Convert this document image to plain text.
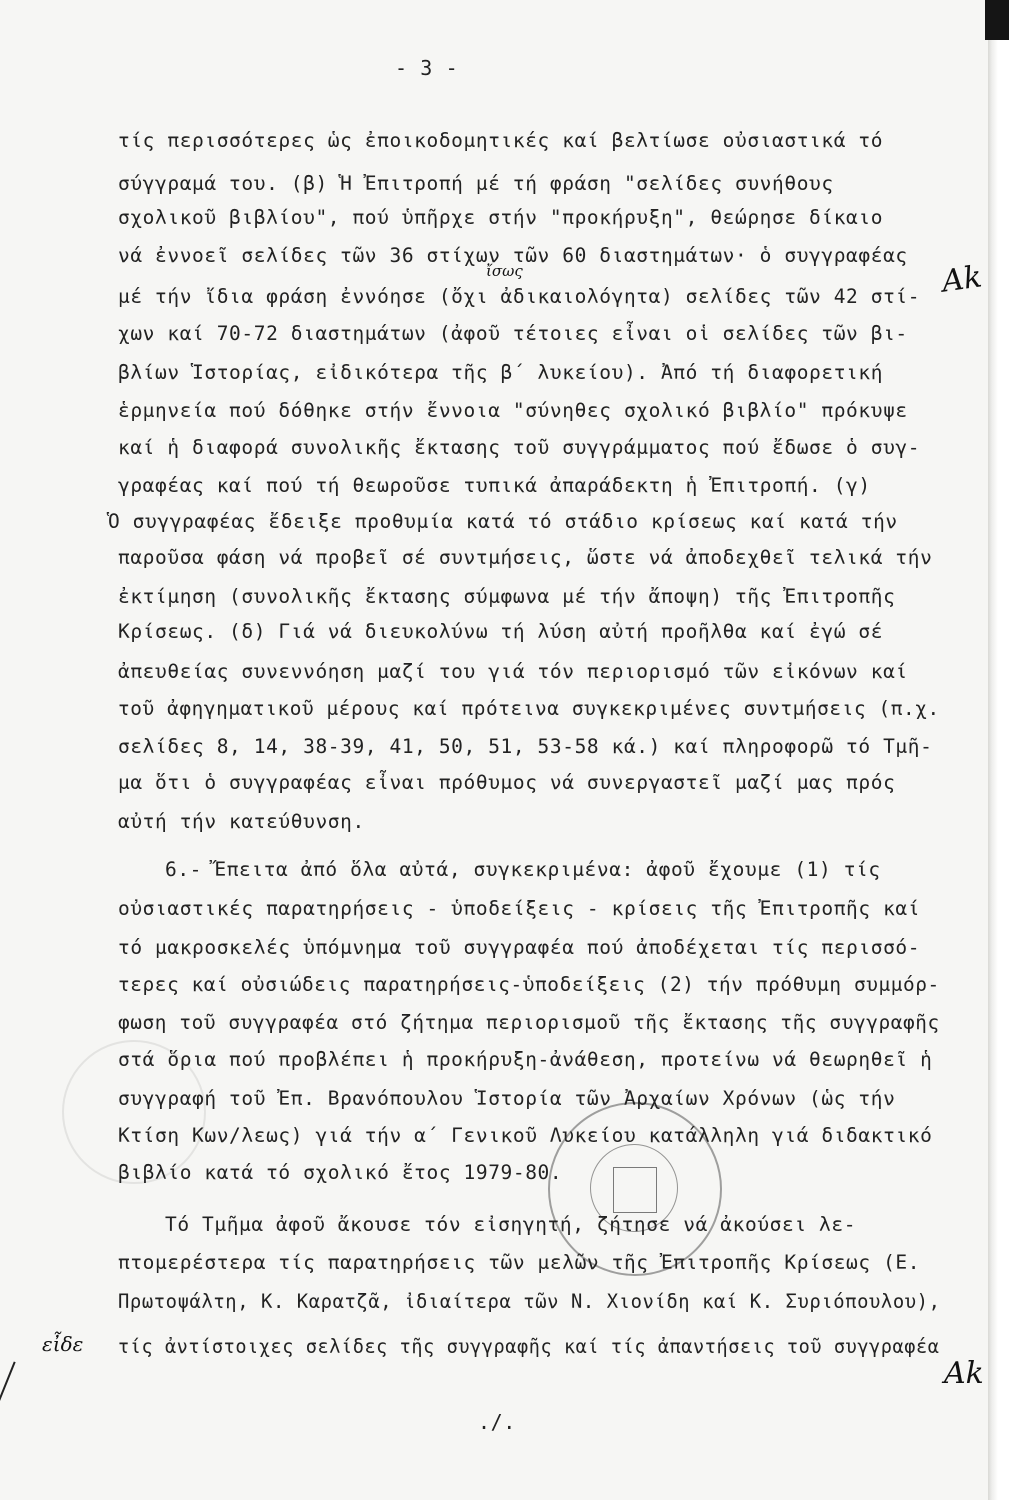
- 3 -
τίς περισσότερες ὡς ἐποικοδομητικές καί βελτίωσε οὐσιαστικά τό
σύγγραμά του. (β) Ἡ Ἐπιτροπή μέ τή φράση "σελίδες συνήθους
σχολικοῦ βιβλίου", πού ὑπῆρχε στήν "προκήρυξη", θεώρησε δίκαιο
νά ἐννοεῖ σελίδες τῶν 36 στίχων τῶν 60 διαστημάτων· ὁ συγγραφέας
μέ τήν ἴδια φράση ἐννόησε (ὄχι ἀδικαιολόγητα) σελίδες τῶν 42 στί-
χων καί 70-72 διαστημάτων (ἀφοῦ τέτοιες εἶναι οἱ σελίδες τῶν βι-
βλίων Ἱστορίας, εἰδικότερα τῆς β΄ λυκείου). Ἀπό τή διαφορετική
ἑρμηνεία πού δόθηκε στήν ἔννοια "σύνηθες σχολικό βιβλίο" πρόκυψε
καί ἡ διαφορά συνολικῆς ἔκτασης τοῦ συγγράμματος πού ἔδωσε ὁ συγ-
γραφέας καί πού τή θεωροῦσε τυπικά ἀπαράδεκτη ἡ Ἐπιτροπή. (γ)
Ὁ συγγραφέας ἔδειξε προθυμία κατά τό στάδιο κρίσεως καί κατά τήν
παροῦσα φάση νά προβεῖ σέ συντμήσεις, ὥστε νά ἀποδεχθεῖ τελικά τήν
ἐκτίμηση (συνολικῆς ἔκτασης σύμφωνα μέ τήν ἄποψη) τῆς Ἐπιτροπῆς
Κρίσεως. (δ) Γιά νά διευκολύνω τή λύση αὐτή προῆλθα καί ἐγώ σέ
ἀπευθείας συνεννόηση μαζί του γιά τόν περιορισμό τῶν εἰκόνων καί
τοῦ ἀφηγηματικοῦ μέρους καί πρότεινα συγκεκριμένες συντμήσεις (π.χ.
σελίδες 8, 14, 38-39, 41, 50, 51, 53-58 κά.) καί πληροφορῶ τό Τμῆ-
μα ὅτι ὁ συγγραφέας εἶναι πρόθυμος νά συνεργαστεῖ μαζί μας πρός
αὐτή τήν κατεύθυνση.
6.- Ἔπειτα ἀπό ὅλα αὐτά, συγκεκριμένα: ἀφοῦ ἔχουμε (1) τίς
οὐσιαστικές παρατηρήσεις - ὑποδείξεις - κρίσεις τῆς Ἐπιτροπῆς καί
τό μακροσκελές ὑπόμνημα τοῦ συγγραφέα πού ἀποδέχεται τίς περισσό-
τερες καί οὐσιώδεις παρατηρήσεις-ὑποδείξεις (2) τήν πρόθυμη συμμόρ-
φωση τοῦ συγγραφέα στό ζήτημα περιορισμοῦ τῆς ἔκτασης τῆς συγγραφῆς
στά ὅρια πού προβλέπει ἡ προκήρυξη-ἀνάθεση, προτείνω νά θεωρηθεῖ ἡ
συγγραφή τοῦ Ἐπ. Βρανόπουλου Ἱστορία τῶν Ἀρχαίων Χρόνων (ὡς τήν
Κτίση Κων/λεως) γιά τήν α΄ Γενικοῦ Λυκείου κατάλληλη γιά διδακτικό
βιβλίο κατά τό σχολικό ἔτος 1979-80.
Τό Τμῆμα ἀφοῦ ἄκουσε τόν εἰσηγητή, ζήτησε νά ἀκούσει λε-
πτομερέστερα τίς παρατηρήσεις τῶν μελῶν τῆς Ἐπιτροπῆς Κρίσεως (Ε.
Πρωτοψάλτη, Κ. Καρατζᾶ, ἰδιαίτερα τῶν Ν. Χιονίδη καί Κ. Συριόπουλου),
τίς ἀντίστοιχες σελίδες τῆς συγγραφῆς καί τίς ἀπαντήσεις τοῦ συγγραφέα
./.
ἴσως	Ak
εἶδε
Ak
